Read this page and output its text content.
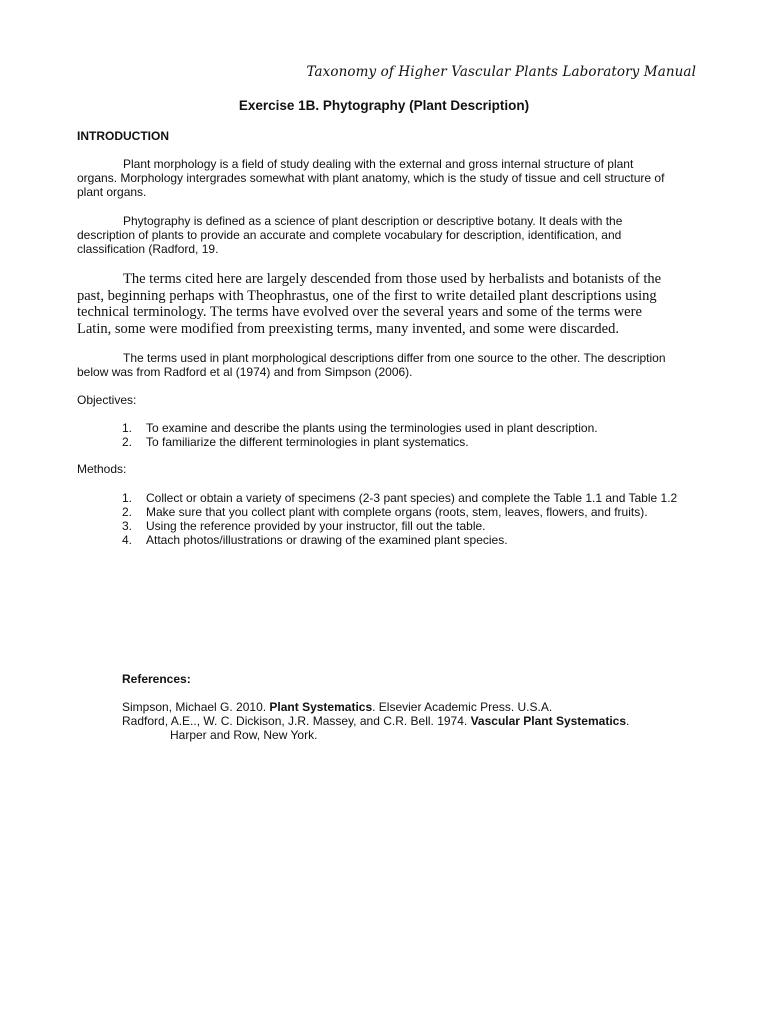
Taxonomy of Higher Vascular Plants Laboratory Manual
Exercise 1B. Phytography (Plant Description)
INTRODUCTION

Plant morphology is a field of study dealing with the external and gross internal structure of plant organs. Morphology intergrades somewhat with plant anatomy, which is the study of tissue and cell structure of plant organs.

Phytography is defined as a science of plant description or descriptive botany. It deals with the description of plants to provide an accurate and complete vocabulary for description, identification, and classification (Radford, 19.

The terms cited here are largely descended from those used by herbalists and botanists of the past, beginning perhaps with Theophrastus, one of the first to write detailed plant descriptions using technical terminology. The terms have evolved over the several years and some of the terms were Latin, some were modified from preexisting terms, many invented, and some were discarded.

The terms used in plant morphological descriptions differ from one source to the other. The description below was from Radford et al (1974) and from Simpson (2006).

Objectives:
1. To examine and describe the plants using the terminologies used in plant description.
2. To familiarize the different terminologies in plant systematics.
Methods:
1. Collect or obtain a variety of specimens (2-3 pant species) and complete the Table 1.1 and Table 1.2
2. Make sure that you collect plant with complete organs (roots, stem, leaves, flowers, and fruits).
3. Using the reference provided by your instructor, fill out the table.
4. Attach photos/illustrations or drawing of the examined plant species.
References:
Simpson, Michael G. 2010. Plant Systematics. Elsevier Academic Press. U.S.A.
Radford, A.E.., W. C. Dickison, J.R. Massey, and C.R. Bell. 1974. Vascular Plant Systematics.
Harper and Row, New York.
